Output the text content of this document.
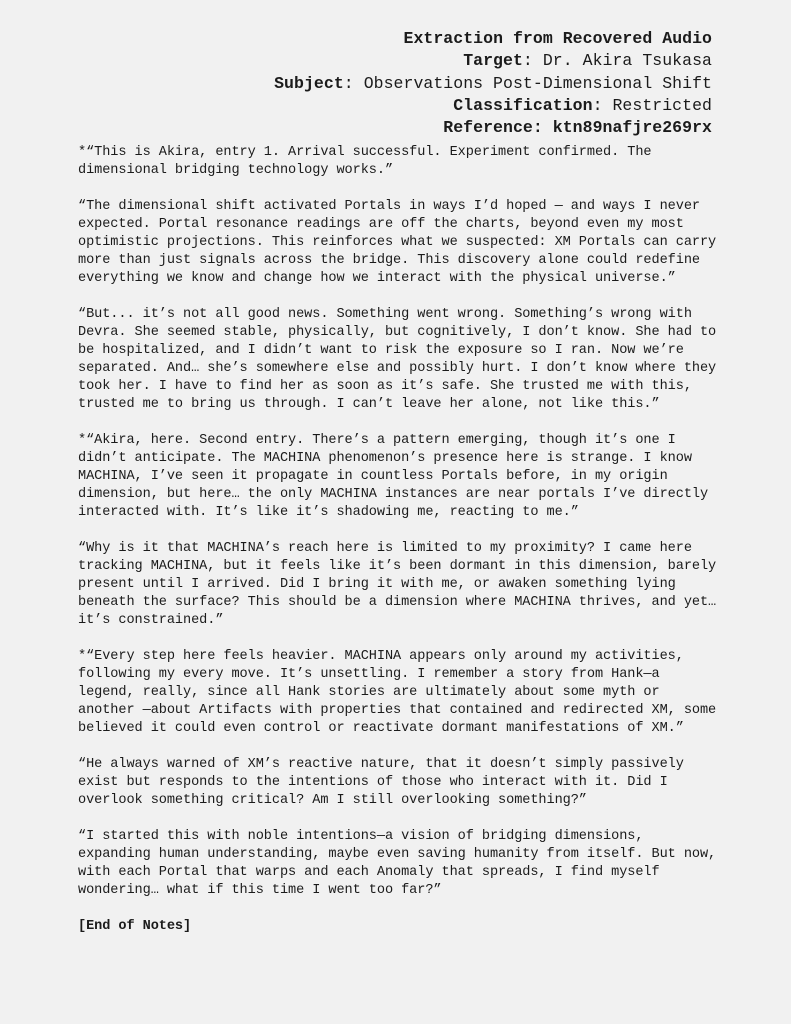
Extraction from Recovered Audio
Target: Dr. Akira Tsukasa
Subject: Observations Post-Dimensional Shift
Classification: Restricted
Reference: ktn89nafjre269rx

*“This is Akira, entry 1. Arrival successful. Experiment confirmed. The
dimensional bridging technology works.”

“The dimensional shift activated Portals in ways I’d hoped — and ways I never
expected. Portal resonance readings are off the charts, beyond even my most
optimistic projections. This reinforces what we suspected: XM Portals can carry
more than just signals across the bridge. This discovery alone could redefine
everything we know and change how we interact with the physical universe.”

“But... it’s not all good news. Something went wrong. Something’s wrong with
Devra. She seemed stable, physically, but cognitively, I don’t know. She had to
be hospitalized, and I didn’t want to risk the exposure so I ran. Now we’re
separated. And… she’s somewhere else and possibly hurt. I don’t know where they
took her. I have to find her as soon as it’s safe. She trusted me with this,
trusted me to bring us through. I can’t leave her alone, not like this.”

*“Akira, here. Second entry. There’s a pattern emerging, though it’s one I
didn’t anticipate. The MACHINA phenomenon’s presence here is strange. I know
MACHINA, I’ve seen it propagate in countless Portals before, in my origin
dimension, but here… the only MACHINA instances are near portals I’ve directly
interacted with. It’s like it’s shadowing me, reacting to me.”

“Why is it that MACHINA’s reach here is limited to my proximity? I came here
tracking MACHINA, but it feels like it’s been dormant in this dimension, barely
present until I arrived. Did I bring it with me, or awaken something lying
beneath the surface? This should be a dimension where MACHINA thrives, and yet…
it’s constrained.”

*“Every step here feels heavier. MACHINA appears only around my activities,
following my every move. It’s unsettling. I remember a story from Hank—a
legend, really, since all Hank stories are ultimately about some myth or
another —about Artifacts with properties that contained and redirected XM, some
believed it could even control or reactivate dormant manifestations of XM.”

“He always warned of XM’s reactive nature, that it doesn’t simply passively
exist but responds to the intentions of those who interact with it. Did I
overlook something critical? Am I still overlooking something?”

“I started this with noble intentions—a vision of bridging dimensions,
expanding human understanding, maybe even saving humanity from itself. But now,
with each Portal that warps and each Anomaly that spreads, I find myself
wondering… what if this time I went too far?”

[End of Notes]
